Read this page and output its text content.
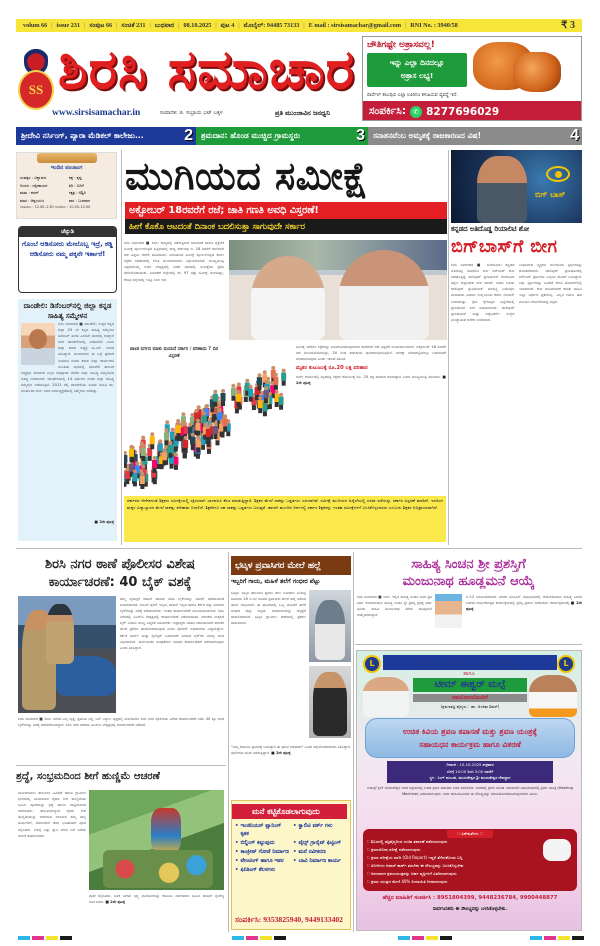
volum 66 | issue 231 | ಸಂಪುಟ 66 | ಸಂಚಿಕೆ 231 | ಬುಧವಾರ | 08.10.2025 | ಪುಟ 4 | ಮೊಬೈಲ್: 94485 73133 | E mail : sirsisamachar@gmail.com | RNI No. : 3940/58	₹ 3
SS ಶಿರಸಿ ಸಮಾಚಾರ
www.sirsisamachar.in	ಸಂಪಾದಕ: ಜಿ. ಸುಬ್ರಾಯ ಭಟ್ ಬಕ್ಕಳ	ಪ್ರತಿ ಮುಂಜಾವಿನ ಜನಧ್ವನಿ
ಚೌತಿಗಷ್ಟೇ ಅತ್ರಾಸವಲ್ಲ!
ಇನ್ನು ಎಲ್ಲಾ ದಿನದಲ್ಲೂ
ಅತ್ರಾಸ ಲಭ್ಯ!
ಪಾರ್ಸೆಲ್ ತಲುಪುವ ಎಲ್ಲಾ ಊರಿಗೂ ಕಳುಹಿಸುವ ವ್ಯವಸ್ಥೆ ಇದೆ.
ಸಂಪರ್ಕಿಸಿ:	✆ 8277696029
ಶ್ರೀದೇವಿ ನರ್ಸಿಂಗ್, ಪ್ಯಾರಾ ಮೆಡಿಕಲ್ ಕಾಲೇಜು...	2 ಶ್ರಮದಾನ: ಹೊಂಡ ಮುಚ್ಚಿದ ಗ್ರಾಮಸ್ಥರು	3 ಸನಾತನವೆಂಬ ಅಮೃತಕ್ಕೆ ರಾಜಕಾರಣದ ವಿಷ!	4
ಇಂದಿನ ಪಂಚಾಂಗ
ಸಂವತ್ಸರ : ವಿಶ್ವಾವಸು	ಪಕ್ಷ : ಕೃಷ್ಣ
ಅಯನ : ದಕ್ಷಿಣಾಯನ	ತಿಥಿ : ಬಿದಿಗೆ
ಋತು : ಶರದ್	ನಕ್ಷತ್ರ : ಅಶ್ವಿನಿ
ಮಾಸ : ಆಶ್ವಯುಜ	ವಾರ : ಬುಧವಾರ
ರಾಹುಕಾಲ : 12.00–1.30 ಗುಳಿಕಕಾಲ : 10.30–12.00
ಚೆನ್ನುಡಿ
ಗೊಂಬೆ ಆಡಿಸೋರು ಮೇಲೊಬ್ಬ ಇದ್ರೆ, ಕಡ್ಡಿ ಆಡಿಸೋರು ನಮ್ಮ ಪಕ್ಕನೇ ಇರ್ತಾರೆ!
ದಾಂಡೇಲಿ: ಡಿಸೆಂಬರ್‌ನಲ್ಲಿ ಜಿಲ್ಲಾ ಕನ್ನಡ ಸಾಹಿತ್ಯ ಸಮ್ಮೇಳನ
ಶಿರಸಿ ಸಮಾಚಾರ ■ ದಾಂಡೇಲಿ: ಉತ್ತರ ಕನ್ನಡ ಜಿಲ್ಲಾ 25 ನೇ ಕನ್ನಡ ಸಾಹಿತ್ಯ ಸಮ್ಮೇಳನ ಡಿಸೆಂಬರ್ ತಿಂಗಳ ಎರಡನೇ ವಾರದಲ್ಲಿ ಆಯ್ದಾಗ ನಗರ ದಾಂಡೇಲಿಯಲ್ಲಿ ನಡೆಯಲಿದೆ ಎಂದು ಜಿಲ್ಲಾ ಕಸಾಪ ಅಧ್ಯಕ್ಷ ಬಿ.ಎನ್. ವಾಸರೆ ತಿಳಿಸಿದ್ದಾರೆ. ಮಂಗಳವಾರ ಈ ಬಗ್ಗೆ ಪ್ರಕಟಣೆ ನೀಡಿರುವ ಅವರು ಕಸಾಪ ಜಿಲ್ಲಾ ಕಾರ್ಯಕಾರಿ ಸಮಿತಿಯ ಸಭೆಯಲ್ಲಿ ದಾಂಡೇಲಿ ತಾಲೂಕ ಅಧ್ಯಕ್ಷರು ಸೇರಿದಂತೆ ಎಲ್ಲರ ಅಭಿಪ್ರಾಯ ಪಡೆದು ಜಿಲ್ಲಾ ಸಾಹಿತ್ಯ ಸಮ್ಮೇಳನದ ಆತಿಥ್ಯ ನೀಡಲಾಗಿದೆ. ದಾಂಡೇಲಿಯಲ್ಲಿ 14 ವರ್ಷಗಳ ನಂತರ ಜಿಲ್ಲಾ ಸಾಹಿತ್ಯ ಸಮ್ಮೇಳನ ನಡೆಯುತ್ತಿದೆ. 2011 ರಲ್ಲಿ ದಾಂಡೇಲಿಯ ಹಿರಿಯ ಸಾಹಿತಿ ಡಾ. ಮುರ್ತುಜಾ ಆರ್ಟಿ ಅವರ ಸರ್ವಾಧ್ಯಕ್ಷತೆಯಲ್ಲಿ ಸಮ್ಮೇಳನ ನಡೆದಿತ್ತು.
■ 2ನೇ ಪುಟಕ್ಕೆ
ಮುಗಿಯದ ಸಮೀಕ್ಷೆ
ಅಕ್ಟೋಬರ್ 18ರವರೆಗೆ ರಜೆ; ಜಾತಿ ಗಣತಿ ಅವಧಿ ವಿಸ್ತರಣೆ!
ಹೀಗೆ ಕೊಕೊ ಆಟದಂತೆ ದಿನಾಂಕ ಬದಲಿಸುತ್ತಾ ಸಾಗುವುದೇ ಸರ್ಕಾರ
ಶಿರಸಿ ಸಮಾಚಾರ ■ ಶಿರಸಿ: ರಾಜ್ಯದಲ್ಲಿ ನಡೆಸುತ್ತಿರುವ ಸಾಮಾಜಿಕ ಹಾಗೂ ಶೈಕ್ಷಣಿಕ ಸಮೀಕ್ಷೆ ಪೂರ್ಣಗೊಳ್ಳದ ಹಿನ್ನೆಲೆಯಲ್ಲಿ ರಾಜ್ಯ ಸರ್ಕಾರವು ಅ. 18 ರವರೆಗೆ ಶಾಲೆಗಳಿಗೆ ರಜೆ ವಿಸ್ತರಿಸಿ ಆದೇಶ ಹೊರಡಿಸಿದೆ. ನಿಗದಿಯಂತೆ ಸಮೀಕ್ಷೆ ಪೂರ್ಣಗೊಳ್ಳದ ಕಾರಣ ಶಿಕ್ಷಕರ ಸಹಕಾರದಲ್ಲಿ ಗಣತಿ ಮುಂದುವರಿಸಲು ನಿರ್ಧರಿಸಲಾಗಿದೆ. ಮುಖ್ಯಮಂತ್ರಿ ಸಿದ್ದರಾಮಯ್ಯ ಅವರ ನೇತೃತ್ವದಲ್ಲಿ ನಡೆದ ಸಭೆಯಲ್ಲಿ ಸಮೀಕ್ಷೆಯ ಪ್ರಗತಿ ಪರಿಶೀಲಿಸಲಾಯಿತು. ಬಹುತೇಕ ಜಿಲ್ಲೆಗಳಲ್ಲಿ ಶೇ. 97 ರಷ್ಟು ಸಮೀಕ್ಷೆ ಮುಗಿದಿದ್ದು, ಕೆಲವು ಜಿಲ್ಲೆಗಳಲ್ಲಿ ಇನ್ನೂ ಬಾಕಿ ಇದೆ.
ಪಾಲಕ ವರ್ಗದ ಮಾತು ಮಣಿಸಿದೆ ಸರ್ಕಾರ / ಪರಿಣಾಮ 7 ದಿನ ವಿಸ್ತರಣೆ
ಸಮೀಕ್ಷೆ ನಡೆಸಲು ಶಿಕ್ಷಕರನ್ನು ಬಳಸಿಕೊಂಡಿರುವುದರಿಂದ ಶಾಲೆಗಳಿಗೆ ರಜೆ ವಿಸ್ತರಣೆ ಅನಿವಾರ್ಯವಾಗಿದೆ. ಅಕ್ಟೋಬರ್ 18 ರವರೆಗೆ ರಜೆ ಮುಂದುವರಿಯಲಿದ್ದು, 20 ರಿಂದ ತರಗತಿಗಳು ಪುನರಾರಂಭಗೊಳ್ಳಲಿವೆ. ಪರೀಕ್ಷಾ ವೇಳಾಪಟ್ಟಿಯಲ್ಲೂ ಬದಲಾವಣೆ ಮಾಡಲಾಗುವುದು ಎಂದು ಇಲಾಖೆ ತಿಳಿಸಿದೆ.
ಮೃತರ ಕುಟುಂಬಕ್ಕೆ ರೂ.20 ಲಕ್ಷ ಪರಿಹಾರ
ಸರ್ವೇ ಕಾರ್ಯದಲ್ಲಿ ಮೃತಪಟ್ಟ ಶಿಕ್ಷಕರ ಕುಟುಂಬಕ್ಕೆ ರೂ. 20 ಲಕ್ಷ ಪರಿಹಾರ ಕೊಡುತ್ತೇವೆ ಎಂದು ಮುಖ್ಯಮಂತ್ರಿ ತಿಳಿಸಿದರು. ■ 2ನೇ ಪುಟಕ್ಕೆ
ಸರ್ಕಾರದ ಆದೇಶದಂತೆ ಶಿಕ್ಷಕರು ಸಮೀಕ್ಷೆಯಲ್ಲಿ ಸಕ್ರಿಯವಾಗಿ ಭಾಗವಹಿಸಿ ಕೆಲಸ ಮಾಡುತ್ತಿದ್ದಾರೆ. ಶಿಕ್ಷಕರ ಮೇಲೆ ಸಾಕಷ್ಟು ಒತ್ತಡಗಳು ಎದುರಾಗಿವೆ. ಸಮೀಕ್ಷೆ ಮುಗಿಯದ ಹಿನ್ನೆಲೆಯಲ್ಲಿ ದಸರಾ ರಜೆಯನ್ನು ಸರ್ಕಾರ ವಿಸ್ತರಣೆ ಮಾಡಿದೆ. ಇದರಿಂದ ಮಕ್ಕಳ ವಿದ್ಯಾಭ್ಯಾಸದ ಮೇಲೆ ಸಾಕಷ್ಟು ಪರಿಣಾಮ ಬೀರಲಿದೆ. ಶಿಕ್ಷಕರಿಗೂ ಸಹ ಸಾಕಷ್ಟು ಒತ್ತಡಗಳು ಬರುತ್ತವೆ. ಹಾಗಾಗಿ ಮುಂದಿನ ದಿನಗಳಲ್ಲಿ ಸರ್ಕಾರ ಶಿಕ್ಷಕರನ್ನು ಇಂತಹ ಸಮೀಕ್ಷೆಗಳಿಗೆ ಬಳಸಿಕೊಳ್ಳಬಾರದು ಎಂಬುದು ಶಿಕ್ಷಕರ ಅಭಿಪ್ರಾಯವಾಗಿದೆ.
ಬಿಗ್ ಬಾಸ್
ಕನ್ನಡದ ಅತಿದೊಡ್ಡ ರಿಯಾಲಿಟಿ ಶೋ
ಬಿಗ್‌ಬಾಸ್‌ಗೆ ಬೀಗ
ಶಿರಸಿ ಸಮಾಚಾರ ■ ಬೆಂಗಳೂರು: ಕನ್ನಡದ ಅತಿದೊಡ್ಡ ರಿಯಾಲಿಟಿ ಶೋ ಬಿಗ್‌ಬಾಸ್ ಶೋ ನಡೆಯುತ್ತಿದ್ದ ಜಾಲಿವುಡ್ ಸ್ಟುಡಿಯೋಗೆ ಬೆಂಗಳೂರು ದಕ್ಷಿಣ ಜಿಲ್ಲಾಡಳಿತ ಬೀಗ ಹಾಕಿದೆ. ಬಿಡದಿ ಬಳಿಯ ಜಾಲಿವುಡ್ ಸ್ಟುಡಿಯೋಸ್ ಮಾಲಿನ್ಯ ನಿಯಂತ್ರಣ ಮಂಡಳಿಯ ನಿಯಮ ಉಲ್ಲಂಘಿಸಿದ ಕಾರಣ ನೋಟಿಸ್ ನೀಡಲಾಗಿತ್ತು. ಕ್ರಮ ಕೈಗೊಳ್ಳದ ಹಿನ್ನೆಲೆಯಲ್ಲಿ ಸ್ಟುಡಿಯೋಗೆ ಬೀಗ ಜಡಿಯಲಾಗಿದೆ. ಜಾಲಿವುಡ್ ಸ್ಟುಡಿಯೋಸ್ ಮತ್ತು ಅಡ್ವೆಂಚರ್ಸ್ ಸಂಸ್ಥೆಗೆ ಮುಚ್ಚುವಂತೆ ಆದೇಶ ನೀಡಲಾಗಿದೆ.
ಬಂಧನವಾದ ವ್ಯಕ್ತಿಗಳ ಮನೆಯಿಂದ ಸ್ಪರ್ಧಿಗಳನ್ನು ಹೊರತರಲಾಗಿದೆ. ಜಾಲಿವುಡ್ ಸ್ಟುಡಿಯೋದಲ್ಲಿ ಬಿಗ್‌ಬಾಸ್ ಸ್ಪರ್ಧಿಗಳು ಎಲ್ಲರೂ ಹೊರಗೆ ಬಂದಿದ್ದಾರೆ. ಎಲ್ಲಾ ಸ್ಪರ್ಧಿಗಳನ್ನು ಒಂದೆಡೆ ಸೇರಿಸಿ ಹೋಟೆಲ್‌ನಲ್ಲಿ ಇರಿಸಲಾಗಿದೆ. ಶೋ ಮುಂದುವರಿಕೆ ಕುರಿತು ವಾಹಿನಿ ಇನ್ನೂ ನಿರ್ಧಾರ ಪ್ರಕಟಿಸಿಲ್ಲ. ಎಲ್ಲರ ಗಮನ ಈಗ ಮುಂದಿನ ಬೆಳವಣಿಗೆಯತ್ತ ನೆಟ್ಟಿದೆ.
ಶಿರಸಿ ನಗರ ಠಾಣೆ ಪೊಲೀಸರ ವಿಶೇಷ
ಕಾರ್ಯಾಚರಣೆ: 40 ಬೈಕ್ ವಶಕ್ಕೆ
ತಮ್ಮ ವೈಯಕ್ತಿಕ ದಾಖಲೆ ಹಾಜರು ಪಡಿಸಿ ಬೈಕ್‌ಗಳನ್ನು ವಾಪಸ್ ಪಡೆಯುವಂತೆ ಸೂಚಿಸಲಾಗಿದೆ. ನಂಬರ್ ಪ್ಲೇಟ್ ಇಲ್ಲದ, ದಾಖಲೆ ಇಲ್ಲದ ಹಾಗೂ ಕರ್ಕಶ ಸದ್ದು ಮಾಡುವ ಬೈಕ್‌ಗಳನ್ನು ವಶಕ್ಕೆ ಪಡೆಯಲಾಗಿದೆ. ಇಂತಹ ಕಾರ್ಯಾಚರಣೆ ಮುಂದುವರಿಯಲಿದೆ. ಶಿರಸಿ ನಗರದಲ್ಲಿ ಪಿಎಸ್ಐ ನೇತೃತ್ವದಲ್ಲಿ ಕಾರ್ಯಾಚರಣೆ ನಡೆಸಲಾಯಿತು. ಪಾಲಕರು ಮಕ್ಕಳಿಗೆ ಬೈಕ್ ನೀಡುವ ಮುನ್ನ ಎಚ್ಚರಿಕೆ ವಹಿಸಬೇಕು. ಅಪ್ರಾಪ್ತರು ವಾಹನ ಚಲಾಯಿಸಿದರೆ ಪಾಲಕರ ಮೇಲೆ ಪ್ರಕರಣ ದಾಖಲಿಸಲಾಗುವುದು ಎಂದು ಪೊಲೀಸ್ ಅಧಿಕಾರಿಗಳು ಎಚ್ಚರಿಸಿದ್ದಾರೆ. ಕರ್ಕಶ ಹಾರ್ನ್ ಮತ್ತು ಸೈಲೆನ್ಸರ್ ಬದಲಾವಣೆ ಮಾಡಿದ ಬೈಕ್‌ಗಳ ವಿರುದ್ಧ ದಂಡ ವಿಧಿಸಲಾಗಿದೆ. ಸಾರ್ವಜನಿಕರ ಸುರಕ್ಷತೆಗಾಗಿ ನಿರಂತರ ಕಾರ್ಯಾಚರಣೆ ನಡೆಸಲಾಗುವುದು ಎಂದು ತಿಳಿಸಿದ್ದಾರೆ.
ಶಿರಸಿ ಸಮಾಚಾರ ■ ಶಿರಸಿ: ನಗರದ ಎಲ್ಲ ವೃತ್ತ, ಪ್ರಮುಖ ರಸ್ತೆ, ಬಸ್ ನಿಲ್ದಾಣ ವೃತ್ತದಲ್ಲಿ ಮಂಗಳವಾರ ಶಿರಸಿ ನಗರ ಪೊಲೀಸರು ವಿಶೇಷ ಕಾರ್ಯಾಚರಣೆ ನಡೆಸಿ 40 ಕ್ಕೂ ಅಧಿಕ ಬೈಕ್‌ಗಳನ್ನು ವಶಕ್ಕೆ ಪಡೆದುಕೊಂಡಿದ್ದಾರೆ. ಶಿರಸಿ ನಗರ ಠಾಣೆಯ ಪಿಎಸ್ಐ ನೇತೃತ್ವದಲ್ಲಿ ಕಾರ್ಯಾಚರಣೆ ನಡೆದಿದೆ.
ಶ್ರದ್ಧೆ, ಸಂಭ್ರಮದಿಂದ ಶೀಗೆ ಹುಣ್ಣಿಮೆ ಆಚರಣೆ
ಮುಂಡಗೋಡ: ತಾಲೂಕಿನ ವಿವಿಧೆಡೆ ಹಾಗೂ ಗ್ರಾಮೀಣ ಭಾಗಗಳಲ್ಲಿ ಮಂಗಳವಾರ ರೈತರು ಶೀಗೆ ಹುಣ್ಣಿಮೆಯ ಭೂಮಿ ಪೂಜೆಯನ್ನು ಶ್ರದ್ಧೆ ಹಾಗೂ ಸಂಭ್ರಮದಿಂದ ಆಚರಿಸಿದರು. ತಾಲೂಕಿನಾದ್ಯಂತ ರೈತರು ಶೀಗೆ ಹುಣ್ಣಿಮೆಯನ್ನು ಆಚರಿಸುವ ಸಲುವಾಗಿ ತಮ್ಮ ತಮ್ಮ ಹೊಲಗಳಿಗೆ, ತೋಟಗಳಿಗೆ ತೆರಳಿ ಭೂತಾಯಿಗೆ ಪೂಜೆ ಸಲ್ಲಿಸಿದರು. ಬೆಳಿಗ್ಗೆ ಎದ್ದು ಸ್ನಾನ ಮಾಡಿ ಬಗೆ ಬಗೆಯ ಅಡುಗೆ ತಯಾರಿಸಿದರು.
ಪೂಜೆ ಸಲ್ಲಿಸಿದರು. ಬಳಿಕ ಬಗೆಯ ಭಕ್ಷ್ಯ ಭೋಜನಗಳನ್ನು ಕುಟುಂಬ ಸಮೇತರಾಗಿ ಭೂಮಿ ತಾಯಿಗೆ ನೈವೇದ್ಯ ಅರ್ಪಿಸಿದರು. ■ 2ನೇ ಪುಟಕ್ಕೆ
ಭಟ್ಕಳ ಪ್ರವಾಸಿಗರ ಮೇಲೆ ಹಲ್ಲೆ
ಇಬ್ಬರಿಗೆ ಗಾಯ, ಮಹಿಳೆ ತಲೆಗೆ ಗಂಭೀರ ಪೆಟ್ಟು
ಭಟ್ಕಳ: ಭಟ್ಕಳ ತಾಲೂಕಿನ ಪ್ರವಾಸಿ ತಾಣ ನೋಡಲು ಬಂದಿದ್ದ ಸುಮಾರು 20 ಕಿ.ಮೀ ದೂರದ ಪ್ರವಾಸಿಗರ ಮೇಲೆ ಹಲ್ಲೆ ನಡೆಸಿದ ಘಟನೆ ಸಂಭವಿಸಿದೆ. ಈ ಘಟನೆಯಲ್ಲಿ ಒಬ್ಬ ಮಹಿಳೆಗೆ ತಲೆಗೆ ಗಂಭೀರ ಪೆಟ್ಟು ಬಿದ್ದಿದೆ. ಗಾಯಾಳುಗಳನ್ನು ಆಸ್ಪತ್ರೆಗೆ ದಾಖಲಿಸಲಾಗಿದೆ. ಭಟ್ಕಳ ಗ್ರಾಮೀಣ ಠಾಣೆಯಲ್ಲಿ ಪ್ರಕರಣ ದಾಖಲಾಗಿದೆ.
"ನಮ್ಮ ಕುಟುಂಬ ಪ್ರವಾಸಕ್ಕೆ ಬಂದಿದ್ದಾಗ ಈ ಘಟನೆ ನಡೆಯಿತು" ಎಂದು ಹಲ್ಲೆಗೊಳಗಾದವರು ತಿಳಿಸಿದ್ದಾರೆ. ಪೊಲೀಸರು ತನಿಖೆ ನಡೆಸುತ್ತಿದ್ದಾರೆ. ■ 2ನೇ ಪುಟಕ್ಕೆ
ಮನೆ ಕಟ್ಟಿಕೊಡಲಾಗುವುದು
• ಇಂಜಿನಿಯರ್ ಪ್ಲಾನಿಂಗ್ ಕೃತಕ
• ಕ್ವಾಲಿಟಿ ವರ್ಕ್ ಗಳು
• ಬಿಲ್ಡಿಂಗ್ ಕಟ್ಟುವುದು	• ಟೈಲ್ಸ್ ಗ್ರಾನೈಟ್ ಫಿಟ್ಟಿಂಗ್
• ಕಾಂಕ್ರೀಟ್ ಗೋಡೆ ನಿರ್ಮಾಣ	• ಮನೆ ನವೀಕರಣ
• ಪೇಂಟಿಂಗ್ ಹಾಗೂ ಇತರ	• ಬಾವಿ ನಿರ್ಮಾಣ ಕಾರ್ಯ
• ಫಿನಿಶಿಂಗ್ ಕೆಲಸಗಳು
ಸಂಪರ್ಕಿಸಿ: 9353825940, 9449133402
ಸಾಹಿತ್ಯ ಸಿಂಚನ ಶ್ರೀ ಪ್ರಶಸ್ತಿಗೆ
ಮಂಜುನಾಥ ಹೂಡ್ಲಮನೆ ಆಯ್ಕೆ
ಶಿರಸಿ ಸಮಾಚಾರ ■ ಶಿರಸಿ: ಇಲ್ಲಿನ ಸಾಹಿತ್ಯ ಸಿಂಚನ ಬಳಗ ಪ್ರತಿ ವರ್ಷ ಕೊಡಮಾಡುವ ಸಾಹಿತ್ಯ ಸಿಂಚನ ಶ್ರೀ ಪ್ರಶಸ್ತಿ ಪ್ರಸಕ್ತ ವರ್ಷ ಹಿರಿಯ ಸಾಹಿತಿ ಮಂಜುನಾಥ ಹೆಗಡೆ ಹೂಡ್ಲಮನೆ ಆಯ್ಕೆಯಾಗಿದ್ದಾರೆ.
ಅ.12 ಭಾನುವಾರದಂದು ನಗರದ ಟಿಎಂಎಸ್ ಸಭಾಭವನದಲ್ಲಿ ಆಯೋಜಿಸಿರುವ ಸಾಹಿತ್ಯ ಸಿಂಚನ ಬಳಗದ ವಾರ್ಷಿಕೋತ್ಸವ ಕಾರ್ಯಕ್ರಮದಲ್ಲಿ ಪ್ರಶಸ್ತಿ ಪ್ರದಾನ ನಡೆಯಲಿದೆ. ಕಾರ್ಯಕ್ರಮದಲ್ಲಿ ■ 2ನೇ ಪುಟಕ್ಕೆ
L	L
ಲಯನ್ಸ್ ಕ್ಲಬ್, ಮುರುಡೇಶ್ವರ
ಹಾಗೂ
ಟೀಮ್ ಈಶ್ವರ್ ಮಲ್ಪೆ
ಸಹಯೋಗದೊಂದಿಗೆ
(ಶ್ರವಣತಜ್ಞ ವೈದ್ಯರು : ಡಾ. ಅಂಕಿತಾ ಶಿವರ್)
ಉಚಿತ ಕಿವಿಯ ಶ್ರವಣ ತಪಾಸಣೆ ಮತ್ತು ಶ್ರವಣ ಯಂತ್ರಕ್ಕೆ
ಸಹಾಯಧನ ಕಾರ್ಯಕ್ರಮ ಹಾಗೂ ವಿತರಣೆ
ದಿನಾಂಕ : 10-10-2025 ಶುಕ್ರವಾರ
ಬೆಳಗ್ಗೆ 10:00 ರಿಂದ 3:00 ರವರೆಗೆ
ಸ್ಥಳ : ಸಿಂಗ್ ಮಂಟಪ, ಮುರುಡೇಶ್ವರ ಶ್ರೀ ಮುರುಡೇಶ್ವರ ದೇವಸ್ಥಾನ
ಲಯನ್ಸ್ ಕ್ಲಬ್ ಮುರುಡೇಶ್ವರ ಅವರ ಆಶ್ರಯದಲ್ಲಿ ಉಚಿತ ಶ್ರವಣ ತಪಾಸಣಾ ಶಿಬಿರ ನಡೆಯಲಿದೆ. ಶಿಬಿರದಲ್ಲಿ ಶ್ರವಣ ದೋಷ ಇರುವವರಿಗೆ ಸಹಾಯಧನದಲ್ಲಿ ಶ್ರವಣ ಯಂತ್ರ (Hearing Machine) ವಿತರಿಸಲಾಗುವುದು. ಅರ್ಹ ಫಲಾನುಭವಿಗಳು ಈ ಸೌಲಭ್ಯವನ್ನು ಸದುಪಯೋಗಪಡಿಸಿಕೊಳ್ಳಬೇಕಾಗಿ ವಿನಂತಿ.
:: ವಿಶೇಷತೆಗಳು ::
:: ಶಿಬಿರದಲ್ಲಿ ತಜ್ಞವೈದ್ಯರಿಂದ ಉಚಿತ ತಪಾಸಣೆ ನಡೆಸಲಾಗುವುದು
:: ಶ್ರವಣದೋಷ ಪರೀಕ್ಷೆ ನಡೆಸಲಾಗುವುದು
:: ಶ್ರವಣ ಪರೀಕ್ಷೆಯ ವರದಿ (Old Report) ಇದ್ದರೆ ತೆಗೆದುಕೊಂಡು ಬನ್ನಿ
:: ರೋಗಿಗಳು ಆಧಾರ್ ಕಾರ್ಡ್ ತರಬೇಕು ಈ ಸೌಲಭ್ಯವನ್ನು ಬಳಸಿಕೊಳ್ಳಬೇಕು
:: ಅನುದಾನದ ಶ್ರವಣಯಂತ್ರವನ್ನು ಅರ್ಹ ವ್ಯಕ್ತಿಗಳಿಗೆ ವಿತರಿಸಲಾಗುವುದು
:: ಶ್ರವಣ ಯಂತ್ರದ ಮೇಲೆ 40% ರಿಯಾಯಿತಿ ನೀಡಲಾಗುವುದು
ಹೆಚ್ಚಿನ ಮಾಹಿತಿಗೆ ಸಂಪರ್ಕಿಸಿ : 8951804399, 9448236784, 9900448877
ಸಾರ್ವಜನಿಕರು ಈ ಸೌಲಭ್ಯವನ್ನು ಬಳಸಿಕೊಳ್ಳಬೇಕು.
